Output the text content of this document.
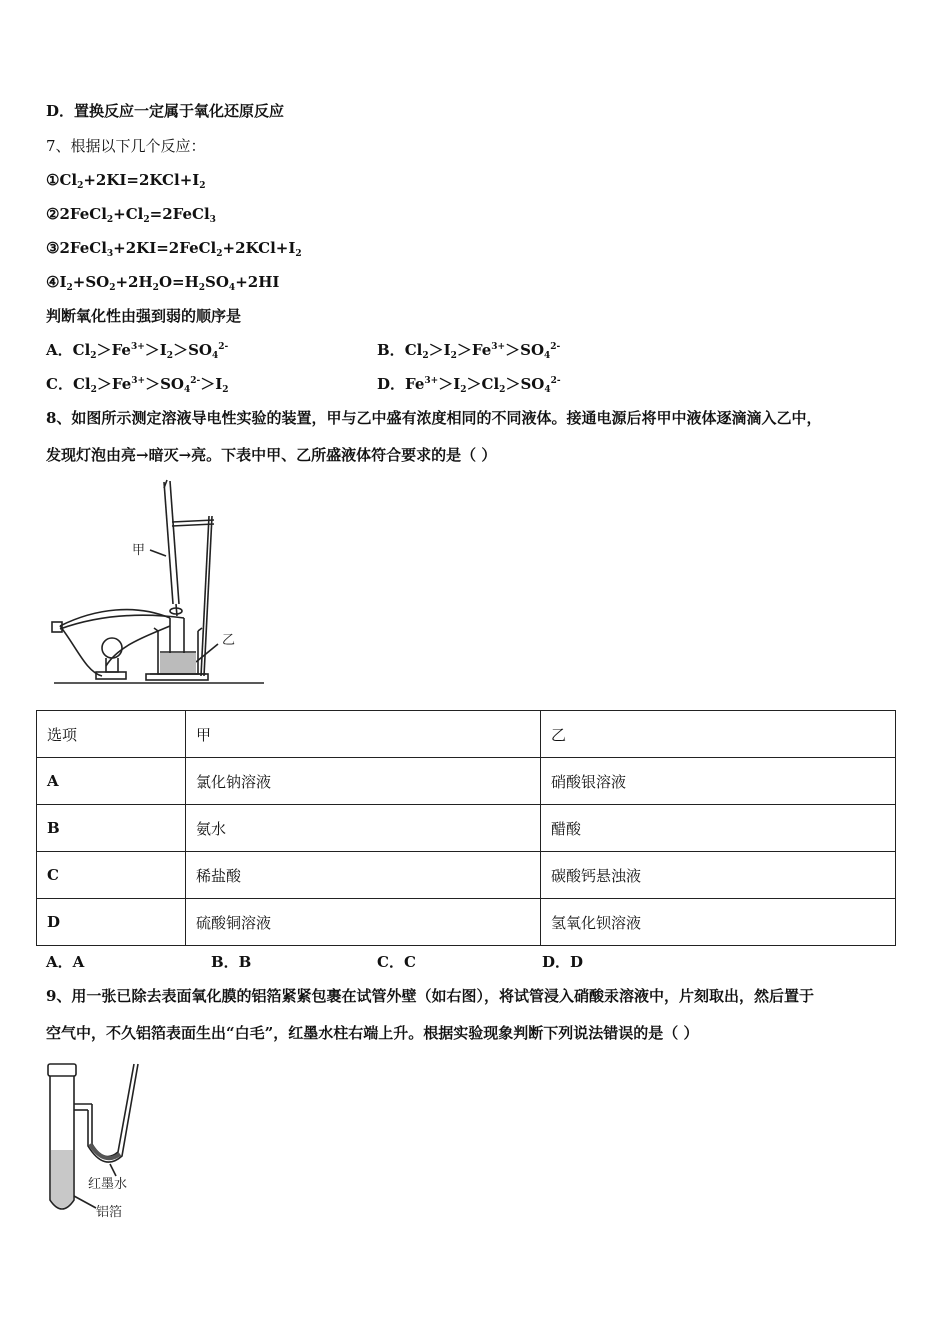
D．置换反应一定属于氧化还原反应
7、根据以下几个反应：
$①Cl_2+2KI=2KCl+I_2$
$②2FeCl_2+Cl_2=2FeCl_3$
$③2FeCl_3+2KI=2FeCl_2+2KCl+I_2$
$④I_2+SO_2+2H_2O=H_2SO_4+2HI$
判断氧化性由强到弱的顺序是
A．$Cl_2>Fe^{3+}>I_2>SO_4^{2-}$	B．$Cl_2>I_2>Fe^{3+}>SO_4^{2-}$
C．$Cl_2>Fe^{3+}>SO_4^{2-}>I_2$	D．$Fe^{3+}>I_2>Cl_2>SO_4^{2-}$
8、如图所示测定溶液导电性实验的装置，甲与乙中盛有浓度相同的不同液体。接通电源后将甲中液体逐滴滴入乙中，
发现灯泡由亮→暗灭→亮。下表中甲、乙所盛液体符合要求的是（ ）
甲
乙
选项	甲	乙
A	氯化钠溶液	硝酸银溶液
B	氨水	醋酸
C	稀盐酸	碳酸钙悬浊液
D	硫酸铜溶液	氢氧化钡溶液
A．A	B．B	C．C	D．D
9、用一张已除去表面氧化膜的铝箔紧紧包裹在试管外壁（如右图），将试管浸入硝酸汞溶液中，片刻取出，然后置于
空气中，不久铝箔表面生出“白毛”，红墨水柱右端上升。根据实验现象判断下列说法错误的是（ ）
红墨水
铝箔
